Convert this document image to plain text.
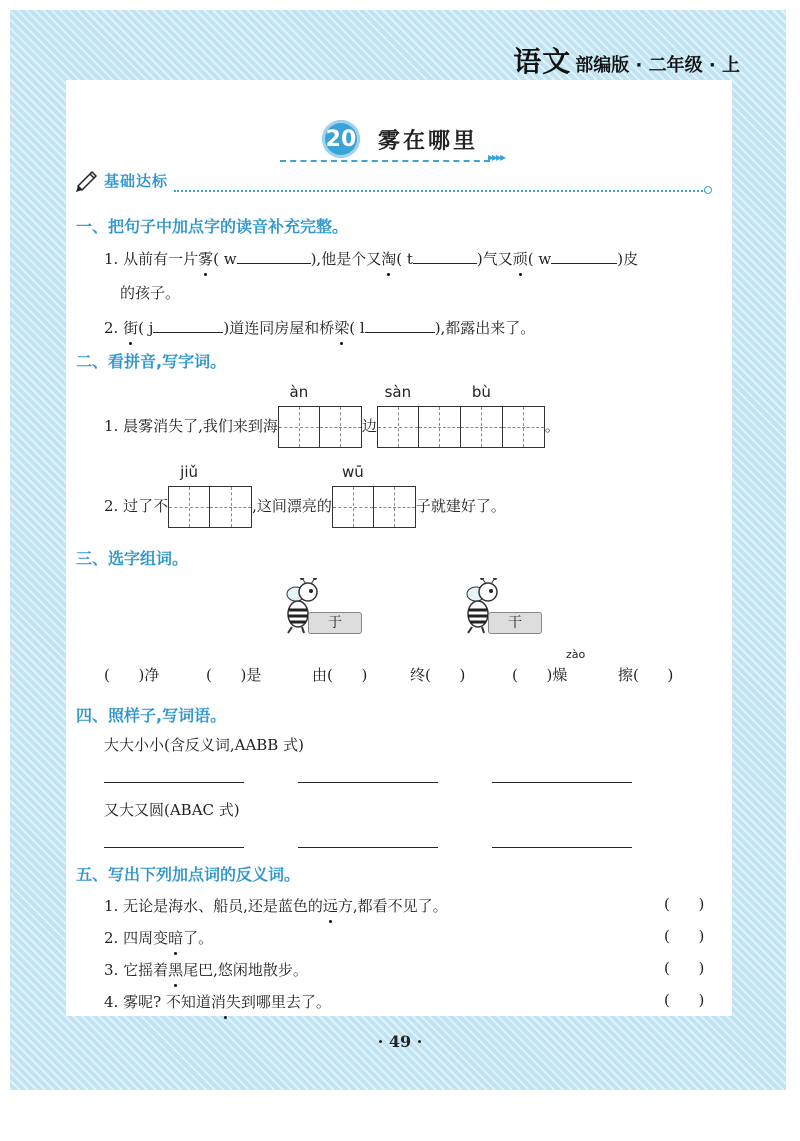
语文 部编版 · 二年级 · 上
20 雾在哪里
▸▸▸▸
基础达标
一、把句子中加点字的读音补充完整。
1. 从前有一片雾( w	),他是个又淘( t	)气又顽( w	)皮
的孩子。
2. 街( j	)道连同房屋和桥梁( l	),都露出来了。
二、看拼音,写字词。
1. 晨雾消失了,我们来到海
àn
边
sàn	bù
。
2. 过了不
jiǔ
,这间漂亮的
wū
子就建好了。
三、选字组词。
于	干
(      )净	(      )是	由(      )	终(      )
zào
(      )燥	擦(      )
四、照样子,写词语。
大大小小(含反义词,AABB 式)
又大又圆(ABAC 式)
五、写出下列加点词的反义词。
1. 无论是海水、船员,还是蓝色的远方,都看不见了。	(      )
2. 四周变暗了。	(      )
3. 它摇着黑尾巴,悠闲地散步。	(      )
4. 雾呢? 不知道消失到哪里去了。	(      )
· 49 ·
